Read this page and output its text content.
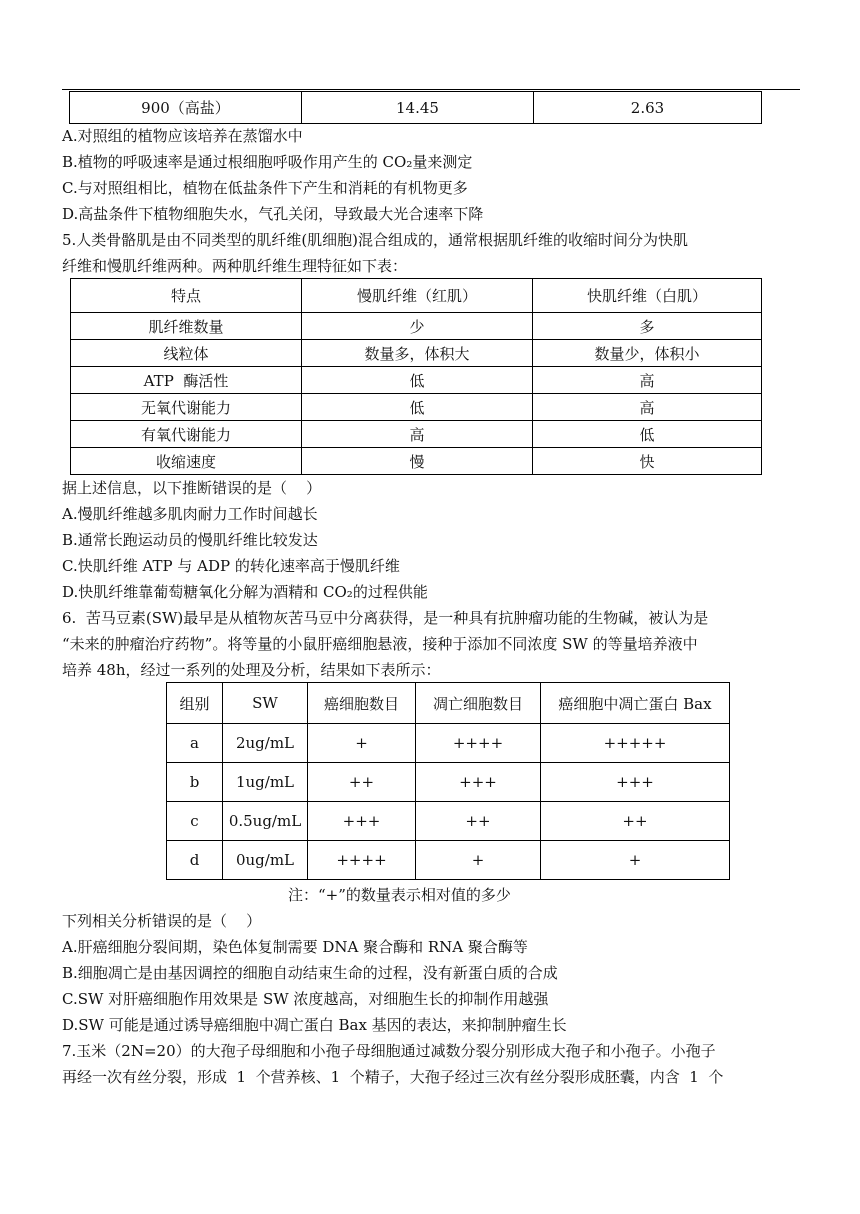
900（高盐）	14.45	2.63
A.对照组的植物应该培养在蒸馏水中
B.植物的呼吸速率是通过根细胞呼吸作用产生的 CO₂量来测定
C.与对照组相比，植物在低盐条件下产生和消耗的有机物更多
D.高盐条件下植物细胞失水，气孔关闭，导致最大光合速率下降
5.人类骨骼肌是由不同类型的肌纤维(肌细胞)混合组成的，通常根据肌纤维的收缩时间分为快肌
纤维和慢肌纤维两种。两种肌纤维生理特征如下表：
特点	慢肌纤维（红肌）	快肌纤维（白肌）
肌纤维数量	少	多
线粒体	数量多，体积大	数量少，体积小
ATP  酶活性	低	高
无氧代谢能力	低	高
有氧代谢能力	高	低
收缩速度	慢	快
据上述信息，以下推断错误的是（    ）
A.慢肌纤维越多肌肉耐力工作时间越长
B.通常长跑运动员的慢肌纤维比较发达
C.快肌纤维 ATP 与 ADP 的转化速率高于慢肌纤维
D.快肌纤维靠葡萄糖氧化分解为酒精和 CO₂的过程供能
6.  苦马豆素(SW)最早是从植物灰苦马豆中分离获得，是一种具有抗肿瘤功能的生物碱，被认为是
“未来的肿瘤治疗药物”。将等量的小鼠肝癌细胞悬液，接种于添加不同浓度 SW 的等量培养液中
培养 48h，经过一系列的处理及分析，结果如下表所示：
组别	SW	癌细胞数目	凋亡细胞数目	癌细胞中凋亡蛋白 Bax
a	2ug/mL	+	++++	+++++
b	1ug/mL	++	+++	+++
c	0.5ug/mL	+++	++	++
d	0ug/mL	++++	+	+
注：“+”的数量表示相对值的多少
下列相关分析错误的是（    ）
A.肝癌细胞分裂间期，染色体复制需要 DNA 聚合酶和 RNA 聚合酶等
B.细胞凋亡是由基因调控的细胞自动结束生命的过程，没有新蛋白质的合成
C.SW 对肝癌细胞作用效果是 SW 浓度越高，对细胞生长的抑制作用越强
D.SW 可能是通过诱导癌细胞中凋亡蛋白 Bax 基因的表达，来抑制肿瘤生长
7.玉米（2N=20）的大孢子母细胞和小孢子母细胞通过减数分裂分别形成大孢子和小孢子。小孢子
再经一次有丝分裂，形成  1  个营养核、1  个精子，大孢子经过三次有丝分裂形成胚囊，内含  1  个
